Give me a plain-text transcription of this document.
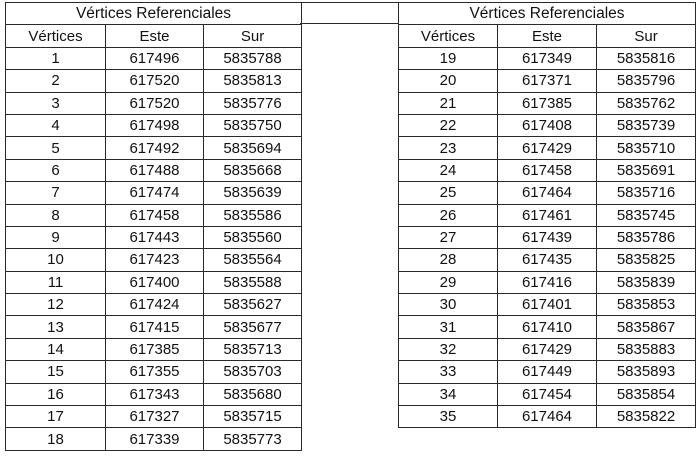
Vértices Referenciales		
Vértices	Este	Sur
1	617496	5835788
2	617520	5835813
3	617520	5835776
4	617498	5835750
5	617492	5835694
6	617488	5835668
7	617474	5835639
8	617458	5835586
9	617443	5835560
10	617423	5835564
11	617400	5835588
12	617424	5835627
13	617415	5835677
14	617385	5835713
15	617355	5835703
16	617343	5835680
17	617327	5835715
18	617339	5835773
Vértices Referenciales		
Vértices	Este	Sur
19	617349	5835816
20	617371	5835796
21	617385	5835762
22	617408	5835739
23	617429	5835710
24	617458	5835691
25	617464	5835716
26	617461	5835745
27	617439	5835786
28	617435	5835825
29	617416	5835839
30	617401	5835853
31	617410	5835867
32	617429	5835883
33	617449	5835893
34	617454	5835854
35	617464	5835822
